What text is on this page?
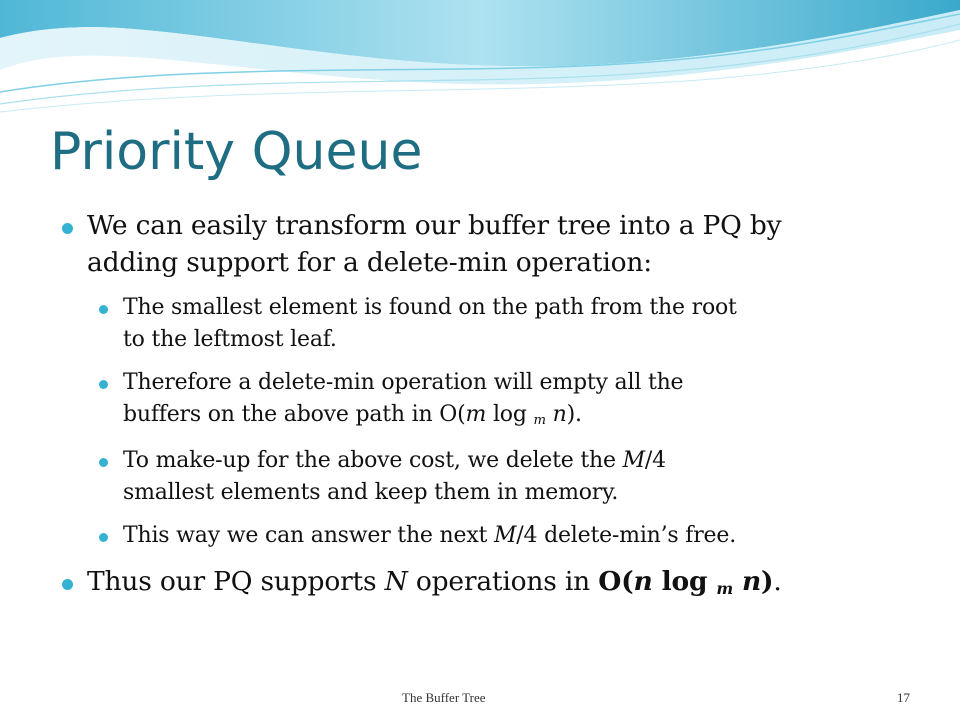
Priority Queue
We can easily transform our buffer tree into a PQ by
adding support for a delete-min operation:
The smallest element is found on the path from the root
to the leftmost leaf.
Therefore a delete-min operation will empty all the
buffers on the above path in O(m log m n).
To make-up for the above cost, we delete the M/4
smallest elements and keep them in memory.
This way we can answer the next M/4 delete-min’s free.
Thus our PQ supports N operations in O(n log m n).
The Buffer Tree	17
